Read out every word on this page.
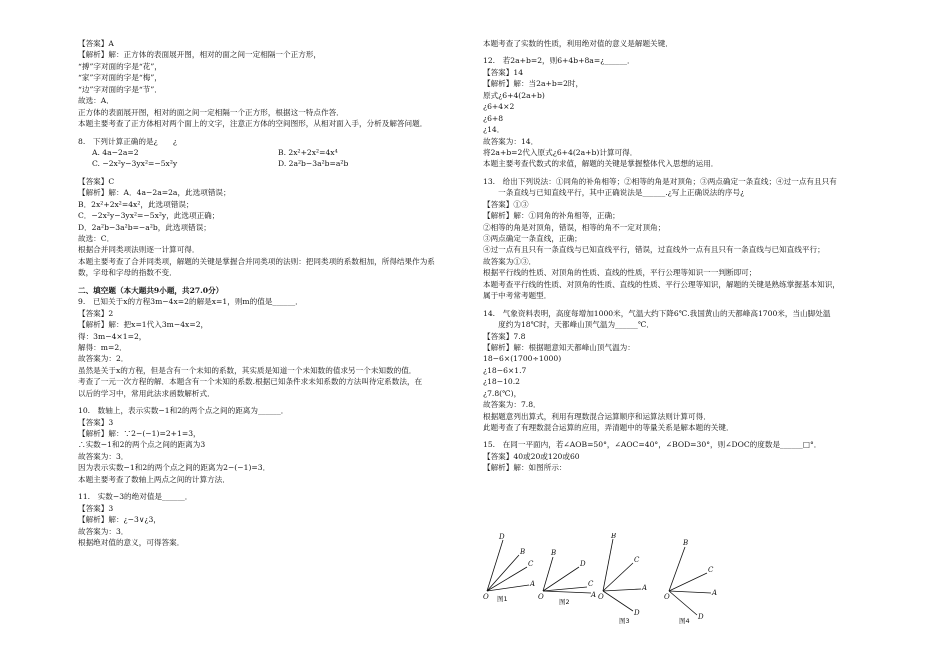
【答案】A
【解析】解：正方体的表面展开图，相对的面之间一定相隔一个正方形，
“搏”字对面的字是“花”，
“家”字对面的字是“梅”，
“边”字对面的字是“节”．
故选：A．
正方体的表面展开图，相对的面之间一定相隔一个正方形，根据这一特点作答．
本题主要考查了正方体相对两个面上的文字，注意正方体的空间图形，从相对面入手，分析及解答问题．
8.　下列计算正确的是¿　　¿
A. 4a−2a=2	B. 2x²+2x²=4x⁴
C. −2x²y−3yx²=−5x²y	D. 2a²b−3a²b=a²b
【答案】C
【解析】解：A．4a−2a=2a，此选项错误；
B．2x²+2x²=4x²，此选项错误；
C．−2x²y−3yx²=−5x²y，此选项正确；
D．2a²b−3a²b=−a²b，此选项错误；
故选：C．
根据合并同类项法则逐一计算可得．
本题主要考查了合并同类项，解题的关键是掌握合并同类项的法则：把同类项的系数相加，所得结果作为系
数，字母和字母的指数不变．
二、填空题（本大题共9小题，共27.0分）
9.　已知关于x的方程3m−4x=2的解是x=1，则m的值是______．
【答案】2
【解析】解：把x=1代入3m−4x=2，
得：3m−4×1=2，
解得：m=2．
故答案为：2．
虽然是关于x的方程，但是含有一个未知的系数，其实质是知道一个未知数的值求另一个未知数的值．
考查了一元一次方程的解．本题含有一个未知的系数.根据已知条件求未知系数的方法叫待定系数法，在
以后的学习中，常用此法求函数解析式．
10.　数轴上，表示实数−1和2的两个点之间的距离为______．
【答案】3
【解析】解：∵2−(−1)=2+1=3，
∴实数−1和2的两个点之间的距离为3
故答案为：3．
因为表示实数−1和2的两个点之间的距离为2−(−1)=3．
本题主要考查了数轴上两点之间的计算方法．
11.　实数−3的绝对值是______．
【答案】3
【解析】解：¿−3∨¿3，
故答案为：3．
根据绝对值的意义，可得答案．
本题考查了实数的性质，利用绝对值的意义是解题关键．
12.　若2a+b=2，则6+4b+8a=¿______．
【答案】14
【解析】解：当2a+b=2时，
原式¿6+4(2a+b)
¿6+4×2
¿6+8
¿14．
故答案为：14．
将2a+b=2代入原式¿6+4(2a+b)计算可得．
本题主要考查代数式的求值，解题的关键是掌握整体代入思想的运用．
13.　给出下列说法：①同角的补角相等；②相等的角是对顶角；③两点确定一条直线；④过一点有且只有
　　一条直线与已知直线平行，其中正确说法是______.¿写上正确说法的序号¿
【答案】①③
【解析】解：①同角的补角相等，正确；
②相等的角是对顶角，错误，相等的角不一定对顶角；
③两点确定一条直线，正确；
④过一点有且只有一条直线与已知直线平行，错误，过直线外一点有且只有一条直线与已知直线平行；
故答案为①③．
根据平行线的性质、对顶角的性质、直线的性质，平行公理等知识一一判断即可；
本题考查平行线的性质、对顶角的性质、直线的性质、平行公理等知识，解题的关键是熟练掌握基本知识，
属于中考常考题型．
14.　气象资料表明，高度每增加1000米，气温大约下降6℃.我国黄山的天都峰高1700米，当山脚处温
　　度约为18℃时，天都峰山顶气温为______℃．
【答案】7.8
【解析】解：根据题意知天都峰山顶气温为：
18−6×(1700÷1000)
¿18−6×1.7
¿18−10.2
¿7.8(℃)，
故答案为：7.8．
根据题意列出算式，利用有理数混合运算顺序和运算法则计算可得．
此题考查了有理数混合运算的应用，弄清题中的等量关系是解本题的关键．
15.　在同一平面内，若∠AOB=50°，∠AOC=40°，∠BOD=30°，则∠DOC的度数是______□°．
【答案】40或20或120或60
【解析】解：如图所示：
D
B
C
A
O 图1
B
D
C
A
O
图2
B
C
A
D
O
图3
B
C
A
D
O
图4
